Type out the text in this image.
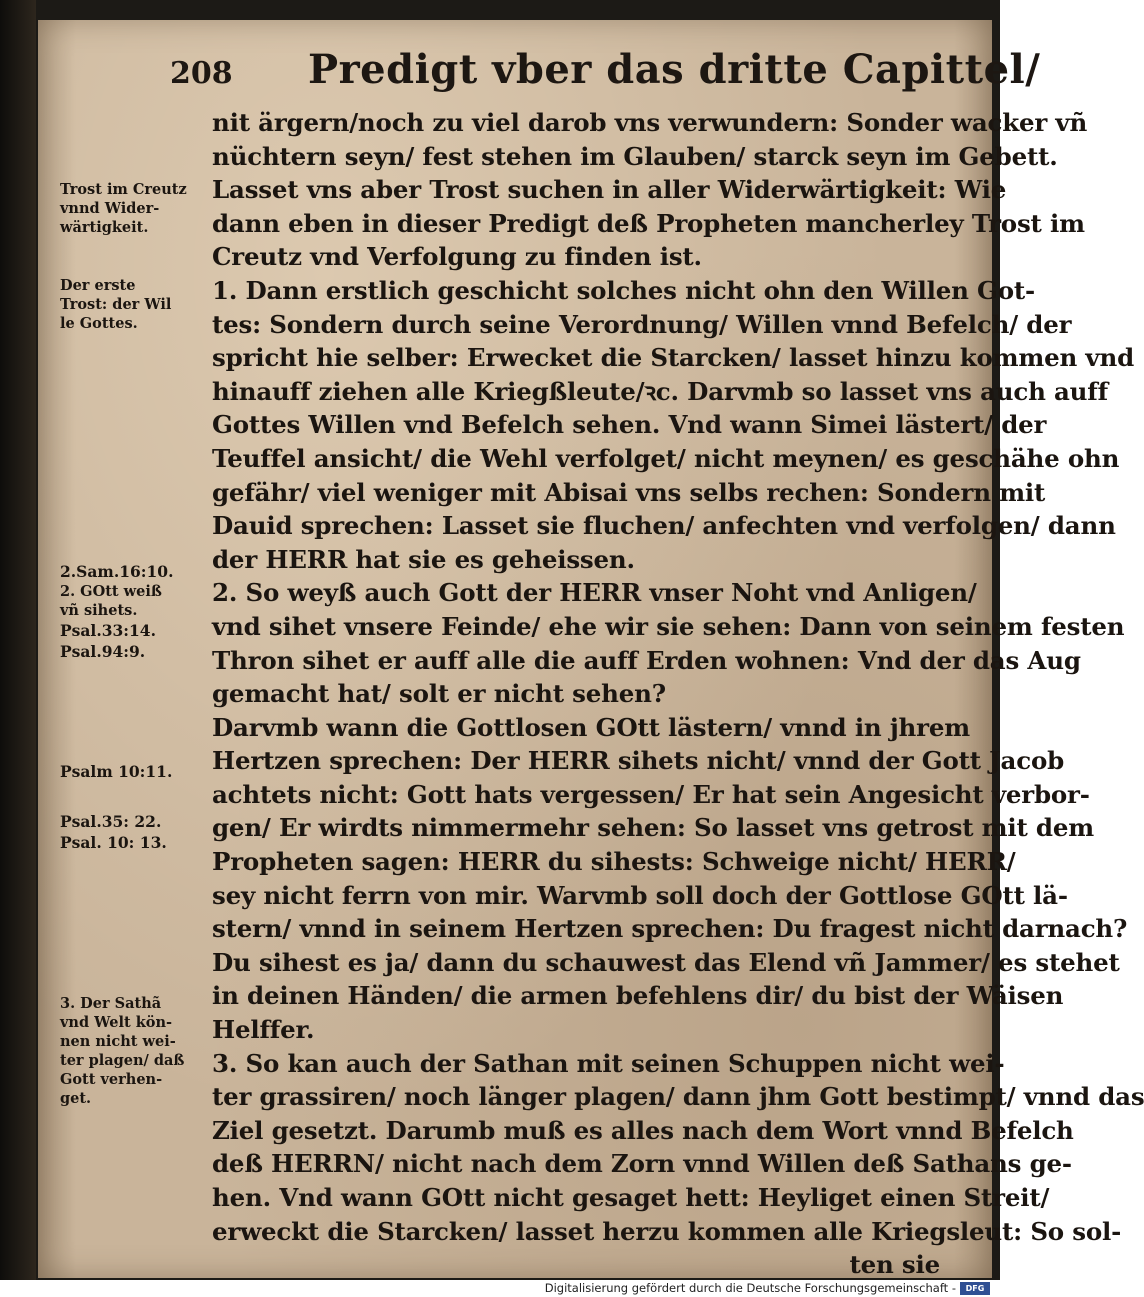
208 Predigt vber das dritte Capittel/
nit ärgern/noch zu viel darob vns verwundern: Sonder wacker vñ
nüchtern seyn/ fest stehen im Glauben/ starck seyn im Gebett.
Lasset vns aber Trost suchen in aller Widerwärtigkeit: Wie
dann eben in dieser Predigt deß Propheten mancherley Trost im
Creutz vnd Verfolgung zu finden ist.
1. Dann erstlich geschicht solches nicht ohn den Willen Got-
tes: Sondern durch seine Verordnung/ Willen vnnd Befelch/ der
spricht hie selber: Erwecket die Starcken/ lasset hinzu kommen vnd
hinauff ziehen alle Kriegßleute/ꝛc. Darvmb so lasset vns auch auff
Gottes Willen vnd Befelch sehen. Vnd wann Simei lästert/ der
Teuffel ansicht/ die Wehl verfolget/ nicht meynen/ es geschähe ohn
gefähr/ viel weniger mit Abisai vns selbs rechen: Sondern mit
Dauid sprechen: Lasset sie fluchen/ anfechten vnd verfolgen/ dann
der HERR hat sie es geheissen.
2. So weyß auch Gott der HERR vnser Noht vnd Anligen/
vnd sihet vnsere Feinde/ ehe wir sie sehen: Dann von seinem festen
Thron sihet er auff alle die auff Erden wohnen: Vnd der das Aug
gemacht hat/ solt er nicht sehen?
Darvmb wann die Gottlosen GOtt lästern/ vnnd in jhrem
Hertzen sprechen: Der HERR sihets nicht/ vnnd der Gott Jacob
achtets nicht: Gott hats vergessen/ Er hat sein Angesicht verbor-
gen/ Er wirdts nimmermehr sehen: So lasset vns getrost mit dem
Propheten sagen: HERR du sihests: Schweige nicht/ HERR/
sey nicht ferrn von mir. Warvmb soll doch der Gottlose GOtt lä-
stern/ vnnd in seinem Hertzen sprechen: Du fragest nicht darnach?
Du sihest es ja/ dann du schauwest das Elend vñ Jammer/ es stehet
in deinen Händen/ die armen befehlens dir/ du bist der Wäisen
Helffer.
3. So kan auch der Sathan mit seinen Schuppen nicht wei-
ter grassiren/ noch länger plagen/ dann jhm Gott bestimpt/ vnnd das
Ziel gesetzt. Darumb muß es alles nach dem Wort vnnd Befelch
deß HERRN/ nicht nach dem Zorn vnnd Willen deß Sathans ge-
hen. Vnd wann GOtt nicht gesaget hett: Heyliget einen Streit/
erweckt die Starcken/ lasset herzu kommen alle Kriegsleut: So sol-
ten sie
Trost im Creutz
vnnd Wider-
wärtigkeit.
Der erste
Trost: der Wil
le Gottes.
2.Sam.16:10.
2. GOtt weiß
vñ sihets.
Psal.33:14.
Psal.94:9.
Psalm 10:11.
Psal.35: 22.
Psal. 10: 13.
3. Der Sathã
vnd Welt kön-
nen nicht wei-
ter plagen/ daß
Gott verhen-
get.
Digitalisierung gefördert durch die Deutsche Forschungsgemeinschaft -	DFG
